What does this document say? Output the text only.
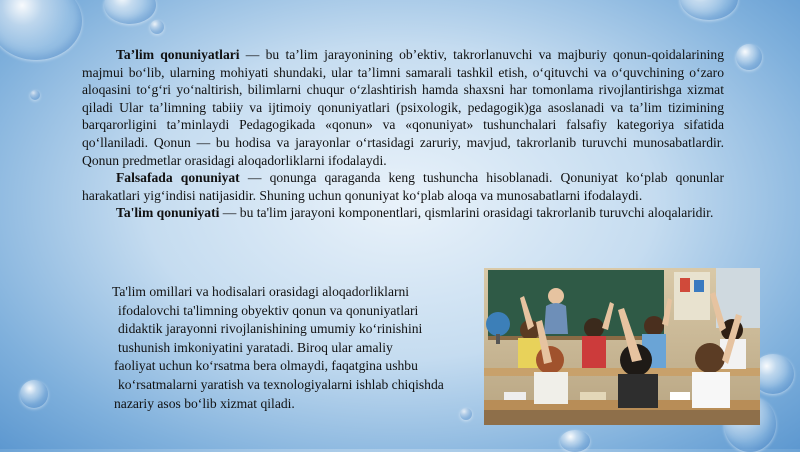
Ta’lim qonuniyatlari — bu ta’lim jarayonining ob’ektiv, takrorlanuvchi va majburiy qonun-qoidalarining majmui bo‘lib, ularning mohiyati shundaki, ular ta’limni samarali tashkil etish, o‘qituvchi va o‘quvchining o‘zaro aloqasini to‘g‘ri yo‘naltirish, bilimlarni chuqur o‘zlashtirish hamda shaxsni har tomonlama rivojlantirishga xizmat qiladi Ular ta’limning tabiiy va ijtimoiy qonuniyatlari (psixologik, pedagogik)ga asoslanadi va ta’lim tizimining barqarorligini ta’minlaydi Pedagogikada «qonun» va «qonuniyat» tushunchalari falsafiy kategoriya sifatida qo‘llaniladi. Qonun — bu hodisa va jarayonlar o‘rtasidagi zaruriy, mavjud, takrorlanib turuvchi munosabatlardir. Qonun predmetlar orasidagi aloqadorliklarni ifodalaydi.

Falsafada qonuniyat — qonunga qaraganda keng tushuncha hisoblanadi. Qonuniyat ko‘plab qonunlar harakatlari yig‘indisi natijasidir. Shuning uchun qonuniyat ko‘plab aloqa va munosabatlarni ifodalaydi.

Ta'lim qonuniyati — bu ta'lim jarayoni komponentlari, qismlarini orasidagi takrorlanib turuvchi aloqalaridir.

Ta'lim omillari va hodisalari orasidagi aloqadorliklarni
ifodalovchi ta'limning obyektiv qonun va qonuniyatlari
didaktik jarayonni rivojlanishining umumiy ko‘rinishini
tushunish imkoniyatini yaratadi. Biroq ular amaliy
faoliyat uchun ko‘rsatma bera olmaydi, faqatgina ushbu
ko‘rsatmalarni yaratish va texnologiyalarni ishlab chiqishda
nazariy asos bo‘lib xizmat qiladi.
